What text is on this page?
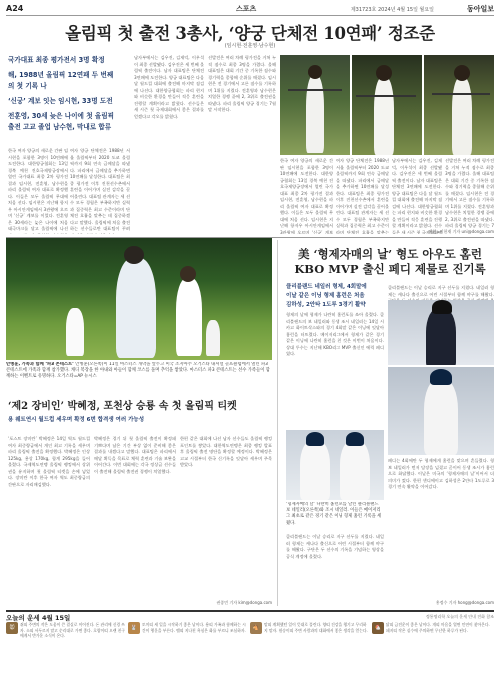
A24	스포츠	제31723호 2024년 4월 15일 월요일	동아일보
올림픽 첫 출전 3총사, ‘양궁 단체전 10연패’ 정조준
(임시현·전훈영·남수현)

국가대표 최종 평가전서 3명 확정

해, 1988년 올림픽 12연패 두 번째의 첫 기록 나

‘신궁’ 계보 잇는 임시현, 33명 도전

전훈영, 30세 늦은 나이에 첫 올림픽 출전 고교 졸업 남수현, 막내로 합류

한국 여자 양궁의 새로운 간판 임시현을 포함한 3명이 10연패에 도전한다. 대한양궁협회는 13일 경북 예천 진호국제양궁장에서 열린 국가대표 최종 2차 평가전 결과 임시현, 전훈영, 남수현을 파리 올림픽 여자 대표로 확정했다. 이들은 모두 올림픽 무대에 처음 선다. 임시현은 지난해 항저우 아시안게임에서 3관왕에 오르며 ‘신궁’ 계보를 이었다. 전훈영은 30세라는 늦은 나이에 처음 태극마크를 달고 올림픽에 나선
여자 양궁 단체전은 1988년 서울 올림픽부터 2020 도쿄 올림픽까지 9회 연속 금메달을 따냈다. 파리에서 금메달을 추가하면 10연패를 달성한다. 대표팀은 최종 평가전 이후 진천선수촌에서 훈련을 이어가며 실전 감각을 끌어올린다. 대표팀 관계자는 세 선수 모두 경험은 부족하지만 실력과 집중력은 최고 수준이라며 단체전 호흡을 맞추는 데 집중하겠다고 말했다. 올림픽에 처음 출전하는 선수들로만 대표팀이 꾸려
남자부에서는 김우진, 김제덕, 이우석이 최종 선발됐다. 김우진은 세 번째 올림픽 출전이다. 남자 대표팀은 단체전 3연패에 도전한다. 양궁 대표팀은 다음 달 월드컵 대회에 출전해 마지막 점검에 나선다. 대한양궁협회는 파리 현지와 비슷한 환경을 만들어 적응 훈련을 진행할 계획이라고 밝혔다. 선수들은 새 시즌 첫 국제대회에서 좋은 결과를 얻겠다고 각오를 밝혔다.
선발전은 여러 차례 평가전을 거쳐 누적 점수로 최종 3명을 가렸다. 올해 대표팀은 대회 기간 중 기록한 점수와 경기력을 종합해 순위를 매겼다. 임시현은 전 경기에서 고른 점수를 기록하며 1위를 지켰다. 전훈영과 남수현은 치열한 경쟁 끝에 2, 3위로 출전권을 따냈다. 파리 올림픽 양궁 경기는 7월 말 시작한다.
한국 여자 양궁의 새로운 간판 임시현을 포함한 3명이 10연패에 도전한다. 대한양궁협회는 13일 경북 예천 진호국제양궁장에서 열린 국가대표 최종 2차 평가전 결과 임시현, 전훈영, 남수현을 파리 올림픽 여자 대표로 확정했다. 이들은 모두 올림픽 무대에 처음 선다. 임시현은 지난해 항저우 아시안게임에서 3관왕에 오르며 ‘신궁’ 계보
여자 양궁 단체전은 1988년 서울 올림픽부터 2020 도쿄 올림픽까지 9회 연속 금메달을 따냈다. 파리에서 금메달을 추가하면 10연패를 달성한다. 대표팀은 최종 평가전 이후 진천선수촌에서 훈련을 이어가며 실전 감각을 끌어올린다. 대표팀 관계자는 세 선수 모두 경험은 부족하지만 실력과 집중력은 최고 수준이라며 단체전 호흡을 맞추는
남자부에서는 김우진, 김제덕, 이우석이 최종 선발됐다. 김우진은 세 번째 올림픽 출전이다. 남자 대표팀은 단체전 3연패에 도전한다. 양궁 대표팀은 다음 달 월드컵 대회에 출전해 마지막 점검에 나선다. 대한양궁협회는 파리 현지와 비슷한 환경을 만들어 적응 훈련을 진행할 계획이라고 밝혔다. 선수들은 새 시즌 첫 국제대회에
선발전은 여러 차례 평가전을 거쳐 누적 점수로 최종 3명을 가렸다. 올해 대표팀은 대회 기간 중 기록한 점수와 경기력을 종합해 순위를 매겼다. 임시현은 전 경기에서 고른 점수를 기록하며 1위를 지켰다. 전훈영과 남수현은 치열한 경쟁 끝에 2, 3위로 출전권을 따냈다. 파리 올림픽 양궁 경기는 7
예천=이헌재 기자 uni@donga.com
안병훈, 가족과 함께 ‘파3 콘테스트’ 안병훈(오른쪽)이 11일 마스터스 개막을 앞두고 미국 조지아주 오거스타 내셔널 골프클럽에서 열린 파3 콘테스트에 가족과 함께 참가했다. 캐디 복장을 한 아내와 아들이 함께 코스를 돌며 추억을 쌓았다. 마스터스 파3 콘테스트는 선수 가족들이 함께하는 이벤트로 유명하다. 오거스타=AP 뉴시스
‘제2 장비인’ 박혜정, 포천상 승룡 속 첫 올림픽 티켓
용 웨트연시 월드컵 세우며 확정 6번 합격생 여러 가능성
‘포스트 장미란’ 박혜정은 14일 역도 월드컵 여자 최중량급에서 개인 최고 기록을 세우며 파리 올림픽 출전을 확정했다. 박혜정은 인상 125kg, 용상 170kg, 합계 295kg을 들어 올렸다. 국제역도연맹 올림픽 랭킹에서 상위권을 유지하며 첫 올림픽 티켓을 손에 넣었다. 장미란 이후 한국 여자 역도 최중량급의 간판으로 자리매김했다.
박혜정은 경기 뒤 첫 올림픽 출전이 확정돼 기쁘다며 남은 기간 부상 없이 준비해 좋은 결과를 내겠다고 말했다. 대표팀은 파리에서 메달 획득을 목표로 체력 훈련과 기술 보완을 이어간다. 이번 대회에는 각국 정상급 선수들이 출전해 올림픽 출전권 경쟁이 치열했다.
한편 같은 대회에 나선 남자 선수들도 올림픽 랭킹 포인트를 쌓았다. 대한역도연맹은 최종 랭킹 발표 후 올림픽 출전 명단을 확정할 예정이다. 박혜정은 고교 시절부터 한국 신기록을 잇달아 세우며 주목받았다.
권종민 기자 kim@donga.com
美 ‘형제자매의 날’ 형도 아우도 홈런
KBO MVP 출신 페디 제물로 진기록
클리블랜드 네일러 형제, 4회말에
이날 같은 이닝 형제 홈런은 처음
김하성, 2안타 1도루 3경기 활약
형제의 날에 형제가 나란히 홈런포를 쏘아 올렸다. 클리블랜드의 보 네일러와 동생 조시 네일러는 14일 시카고 화이트삭스와의 경기 4회말 같은 이닝에 잇달아 홈런을 터뜨렸다. 메이저리그에서 형제가 같은 경기 같은 이닝에 나란히 홈런을 친 것은 이번이 처음이다. 상대 투수는 지난해 KBO리그 MVP 출신인 에릭 페디였다.
클리블랜드는 이날 승리로 지구 선두를 지켰다. 네일러 형제는 캐나다 출신으로 어린 시절부터 함께 야구를 해왔다.
‘형제자매의 날’ 나란히 홈런포를 날린 클리블랜드 보 네일러(오른쪽)와 조시 네일러. 이들은 메이저리그 최초로 같은 경기 같은 이닝 형제 홈런 기록을 세웠다.
페디는 4회에만 두 형제에게 홈런을 맞으며 흔들렸다. 형 보 네일러가 먼저 담장을 넘겼고 곧이어 동생 조시가 홈런으로 화답했다. 이날은 미국의 ‘형제자매의 날’이어서 더 의미가 컸다. 한편 샌디에이고 김하성은 2안타 1도루로 3경기 연속 활약을 이어갔다.
클리블랜드는 이날 승리로 지구 선두를 지켰다. 네일러 형제는 캐나다 출신으로 어린 시절부터 함께 야구를 해왔다. 구단은 두 선수의 기록을 기념하는 영상을 공식 계정에 올렸다.
홍정수 기자 hong@donga.com
오늘의 운세 4월 15일	정통명리학 오늘의 운세 안내 전화 참조
🐭
쥐띠 주변의 작은 도움이 큰 결실로 이어진다. 돈 관리에 신경 쓰자. 소띠 서두르지 말고 순리대로 가면 좋다. 호랑이띠 오랜 친구에게서 반가운 소식이 온다.
🐰
토끼띠 새 일을 시작하기 좋은 날이다. 용띠 가족과 함께하는 시간이 행운을 부른다. 뱀띠 지나친 욕심은 화를 부르니 조심하자.	🐴
말띠 계획했던 일이 뜻대로 풀린다. 양띠 건강을 챙기고 무리하지 말자. 원숭이띠 주변 사람과의 대화에서 좋은 생각을 얻는다.	🐔
닭띠 금전운이 좋은 날이다. 개띠 마음을 열면 인연이 찾아온다. 돼지띠 작은 실수에 주의하면 무난한 하루가 된다.
